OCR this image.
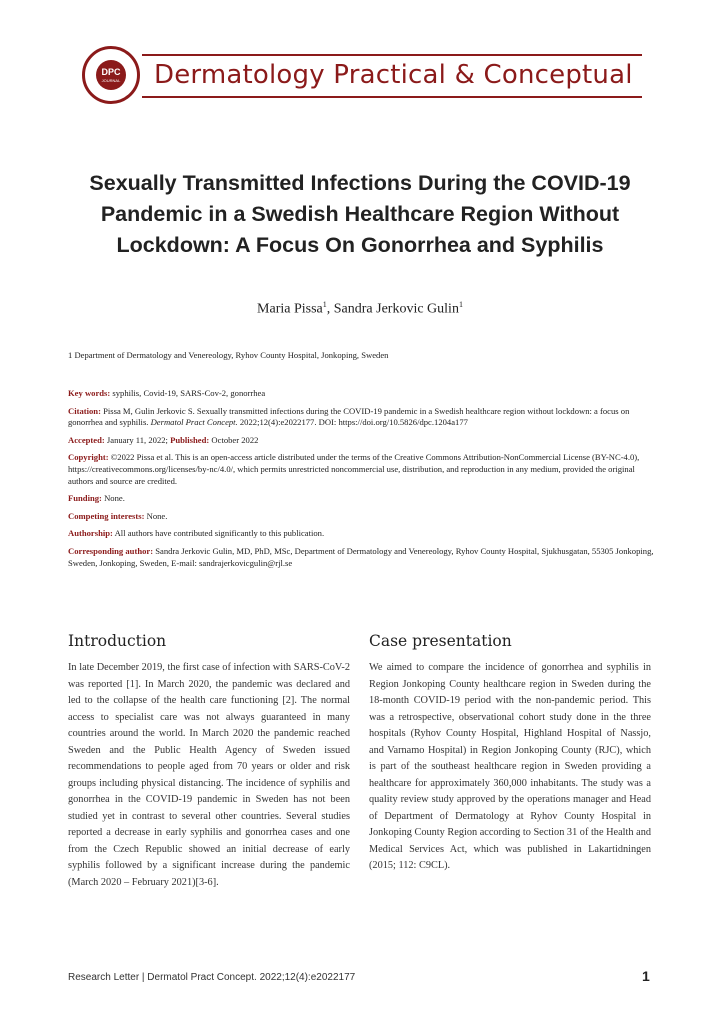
DPC
JOURNAL Dermatology Practical & Conceptual
Sexually Transmitted Infections During the COVID-19 Pandemic in a Swedish Healthcare Region Without Lockdown: A Focus On Gonorrhea and Syphilis
Maria Pissa$^1$, Sandra Jerkovic Gulin$^1$
1 Department of Dermatology and Venereology, Ryhov County Hospital, Jonkoping, Sweden

Key words: syphilis, Covid-19, SARS-Cov-2, gonorrhea

Citation: Pissa M, Gulin Jerkovic S. Sexually transmitted infections during the COVID-19 pandemic in a Swedish healthcare region without lockdown: a focus on gonorrhea and syphilis. Dermatol Pract Concept. 2022;12(4):e2022177. DOI: https://doi.org/10.5826/dpc.1204a177

Accepted: January 11, 2022; Published: October 2022

Copyright: ©2022 Pissa et al. This is an open-access article distributed under the terms of the Creative Commons Attribution-NonCommercial License (BY-NC-4.0), https://creativecommons.org/licenses/by-nc/4.0/, which permits unrestricted noncommercial use, distribution, and reproduction in any medium, provided the original authors and source are credited.

Funding: None.

Competing interests: None.

Authorship: All authors have contributed significantly to this publication.

Corresponding author: Sandra Jerkovic Gulin, MD, PhD, MSc, Department of Dermatology and Venereology, Ryhov County Hospital, Sjukhusgatan, 55305 Jonkoping, Sweden, Jonkoping, Sweden, E-mail: sandrajerkovicgulin@rjl.se

Introduction
In late December 2019, the first case of infection with SARS-CoV-2 was reported [1]. In March 2020, the pandemic was declared and led to the collapse of the health care functioning [2]. The normal access to specialist care was not always guaranteed in many countries around the world. In March 2020 the pandemic reached Sweden and the Public Health Agency of Sweden issued recommendations to people aged from 70 years or older and risk groups including physical distancing. The incidence of syphilis and gonorrhea in the COVID-19 pandemic in Sweden has not been studied yet in contrast to several other countries. Several studies reported a decrease in early syphilis and gonorrhea cases and one from the Czech Republic showed an initial decrease of early syphilis followed by a significant increase during the pandemic (March 2020 – February 2021)[3-6].
Case presentation
We aimed to compare the incidence of gonorrhea and syphilis in Region Jonkoping County healthcare region in Sweden during the 18-month COVID-19 period with the non-pandemic period. This was a retrospective, observational cohort study done in the three hospitals (Ryhov County Hospital, Highland Hospital of Nassjo, and Varnamo Hospital) in Region Jonkoping County (RJC), which is part of the southeast healthcare region in Sweden providing a healthcare for approximately 360,000 inhabitants. The study was a quality review study approved by the operations manager and Head of Department of Dermatology at Ryhov County Hospital in Jonkoping County Region according to Section 31 of the Health and Medical Services Act, which was published in Lakartidningen (2015; 112: C9CL).
Research Letter | Dermatol Pract Concept. 2022;12(4):e2022177	1
